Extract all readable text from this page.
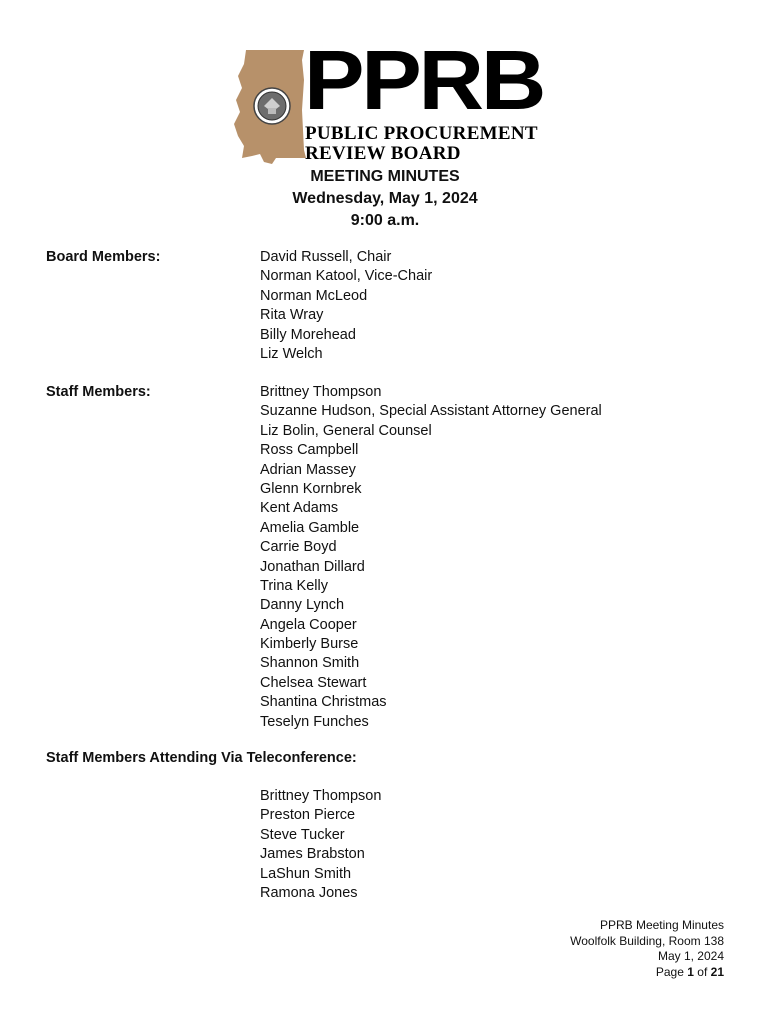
PPRB
PUBLIC PROCUREMENT
REVIEW BOARD
MEETING MINUTES
Wednesday, May 1, 2024
9:00 a.m.
Board Members:	David Russell, Chair
Norman Katool, Vice-Chair
Norman McLeod
Rita Wray
Billy Morehead
Liz Welch
Staff Members:	Brittney Thompson
Suzanne Hudson, Special Assistant Attorney General
Liz Bolin, General Counsel
Ross Campbell
Adrian Massey
Glenn Kornbrek
Kent Adams
Amelia Gamble
Carrie Boyd
Jonathan Dillard
Trina Kelly
Danny Lynch
Angela Cooper
Kimberly Burse
Shannon Smith
Chelsea Stewart
Shantina Christmas
Teselyn Funches
Staff Members Attending Via Teleconference:
Brittney Thompson
Preston Pierce
Steve Tucker
James Brabston
LaShun Smith
Ramona Jones
PPRB Meeting Minutes
Woolfolk Building, Room 138
May 1, 2024
Page 1 of 21
